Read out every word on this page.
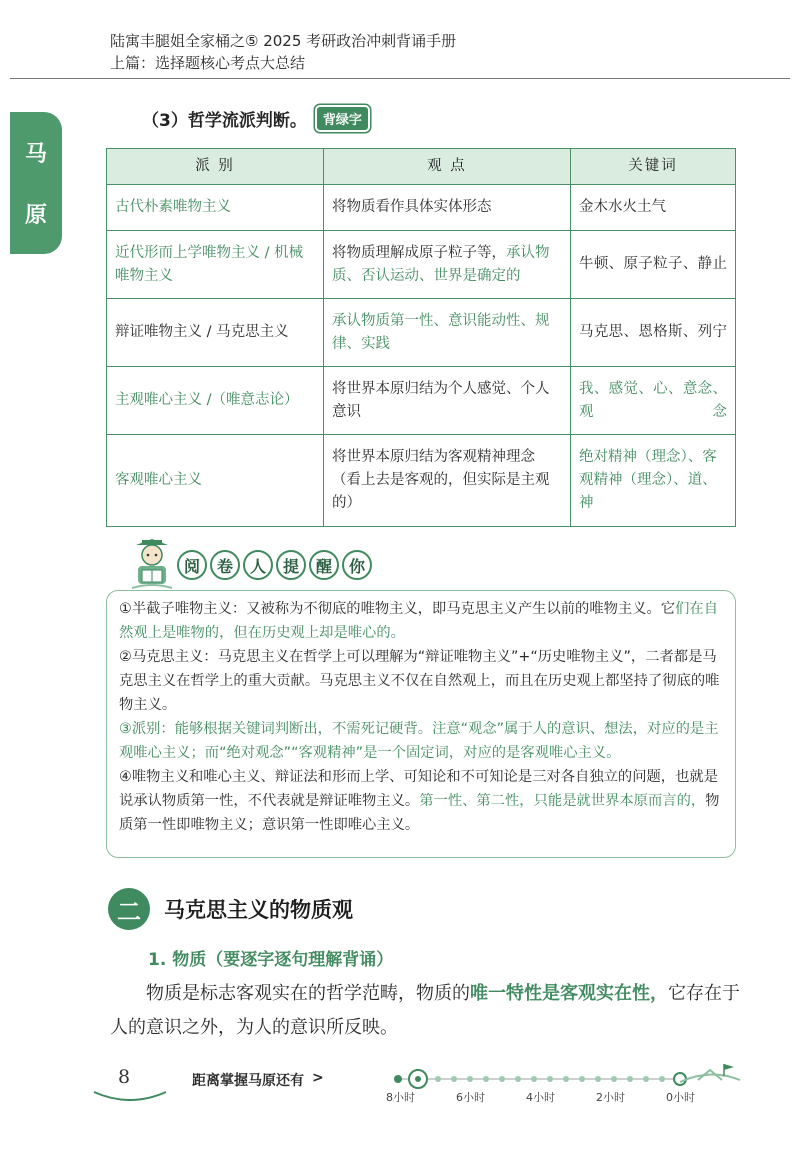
陆寓丰腿姐全家桶之⑤ 2025 考研政治冲刺背诵手册
上篇：选择题核心考点大总结
马
原
（3）哲学流派判断。	背绿字
派 别	观 点	关键词
古代朴素唯物主义	将物质看作具体实体形态	金木水火土气
近代形而上学唯物主义 / 机械唯物主义	将物质理解成原子粒子等，承认物质、否认运动、世界是确定的	牛顿、原子粒子、静止
辩证唯物主义 / 马克思主义	承认物质第一性、意识能动性、规律、实践	马克思、恩格斯、列宁
主观唯心主义 /（唯意志论）	将世界本原归结为个人感觉、个人意识	我、感觉、心、意念、观念
客观唯心主义	将世界本原归结为客观精神理念（看上去是客观的，但实际是主观的）	绝对精神（理念）、客观精神（理念）、道、神
阅	卷	人	提	醒	你

①半截子唯物主义：又被称为不彻底的唯物主义，即马克思主义产生以前的唯物主义。它们在自然观上是唯物的，但在历史观上却是唯心的。

②马克思主义：马克思主义在哲学上可以理解为“辩证唯物主义”+“历史唯物主义”，二者都是马克思主义在哲学上的重大贡献。马克思主义不仅在自然观上，而且在历史观上都坚持了彻底的唯物主义。

③派别：能够根据关键词判断出，不需死记硬背。注意“观念”属于人的意识、想法，对应的是主观唯心主义；而“绝对观念”“客观精神”是一个固定词，对应的是客观唯心主义。

④唯物主义和唯心主义、辩证法和形而上学、可知论和不可知论是三对各自独立的问题，也就是说承认物质第一性，不代表就是辩证唯物主义。第一性、第二性，只能是就世界本原而言的，物质第一性即唯物主义；意识第一性即唯心主义。

二	马克思主义的物质观
1. 物质（要逐字逐句理解背诵）
物质是标志客观实在的哲学范畴，物质的唯一特性是客观实在性，它存在于人的意识之外，为人的意识所反映。
8	距离掌握马原还有 >
8小时	6小时	4小时	2小时	0小时
